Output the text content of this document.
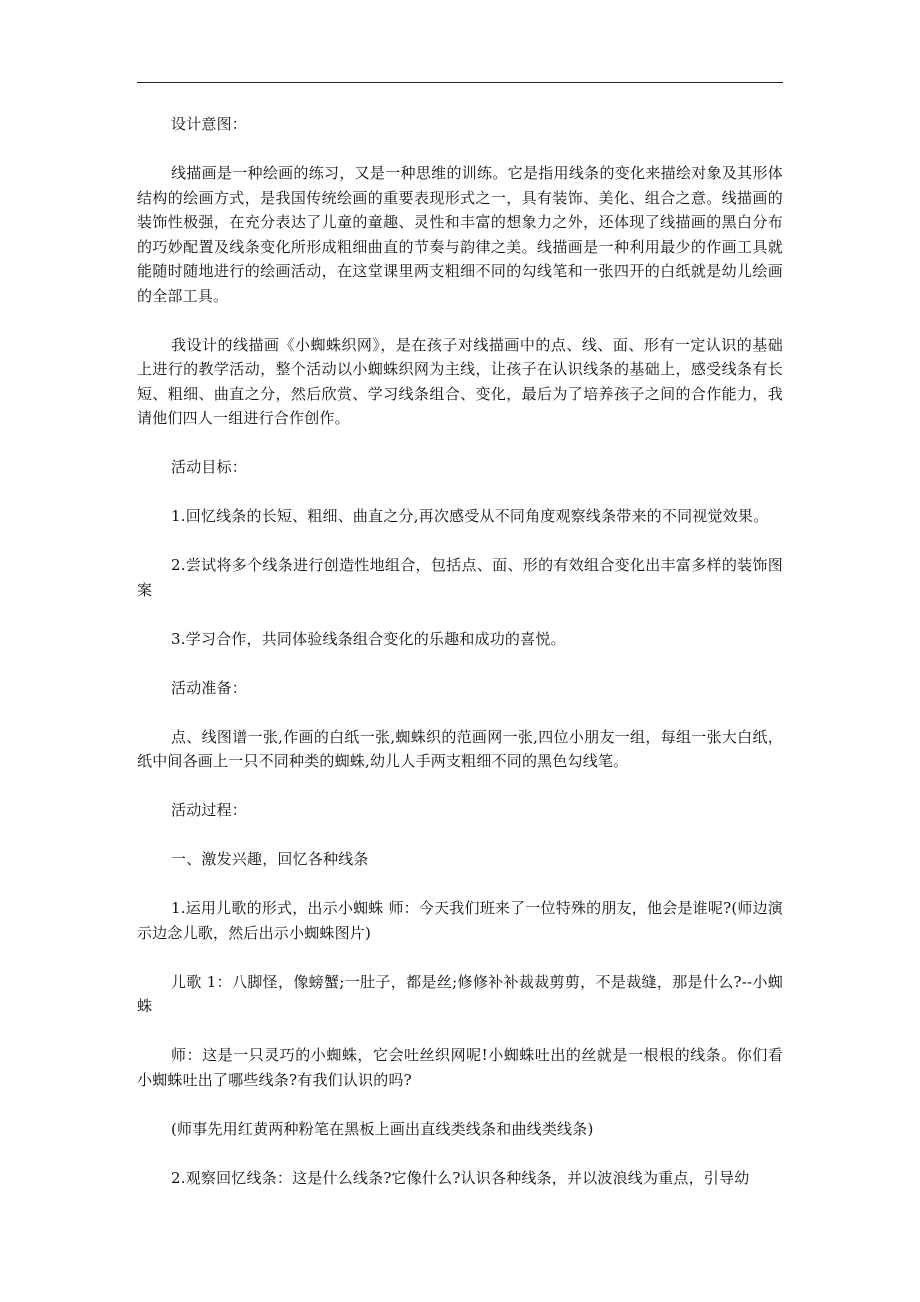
设计意图：

线描画是一种绘画的练习，又是一种思维的训练。它是指用线条的变化来描绘对象及其形体结构的绘画方式，是我国传统绘画的重要表现形式之一，具有装饰、美化、组合之意。线描画的装饰性极强，在充分表达了儿童的童趣、灵性和丰富的想象力之外，还体现了线描画的黑白分布的巧妙配置及线条变化所形成粗细曲直的节奏与韵律之美。线描画是一种利用最少的作画工具就能随时随地进行的绘画活动，在这堂课里两支粗细不同的勾线笔和一张四开的白纸就是幼儿绘画的全部工具。

我设计的线描画《小蜘蛛织网》，是在孩子对线描画中的点、线、面、形有一定认识的基础上进行的教学活动，整个活动以小蜘蛛织网为主线，让孩子在认识线条的基础上，感受线条有长短、粗细、曲直之分，然后欣赏、学习线条组合、变化，最后为了培养孩子之间的合作能力，我请他们四人一组进行合作创作。

活动目标：

1.回忆线条的长短、粗细、曲直之分,再次感受从不同角度观察线条带来的不同视觉效果。

2.尝试将多个线条进行创造性地组合，包括点、面、形的有效组合变化出丰富多样的装饰图案

3.学习合作，共同体验线条组合变化的乐趣和成功的喜悦。

活动准备：

点、线图谱一张,作画的白纸一张,蜘蛛织的范画网一张,四位小朋友一组，每组一张大白纸，纸中间各画上一只不同种类的蜘蛛,幼儿人手两支粗细不同的黑色勾线笔。

活动过程：

一、激发兴趣，回忆各种线条

1.运用儿歌的形式，出示小蜘蛛 师：今天我们班来了一位特殊的朋友，他会是谁呢?(师边演示边念儿歌，然后出示小蜘蛛图片)

儿歌 1：八脚怪，像螃蟹;一肚子，都是丝;修修补补裁裁剪剪，不是裁缝，那是什么?--小蜘蛛

师：这是一只灵巧的小蜘蛛，它会吐丝织网呢!小蜘蛛吐出的丝就是一根根的线条。你们看小蜘蛛吐出了哪些线条?有我们认识的吗?

(师事先用红黄两种粉笔在黑板上画出直线类线条和曲线类线条)

2.观察回忆线条：这是什么线条?它像什么?认识各种线条，并以波浪线为重点，引导幼
